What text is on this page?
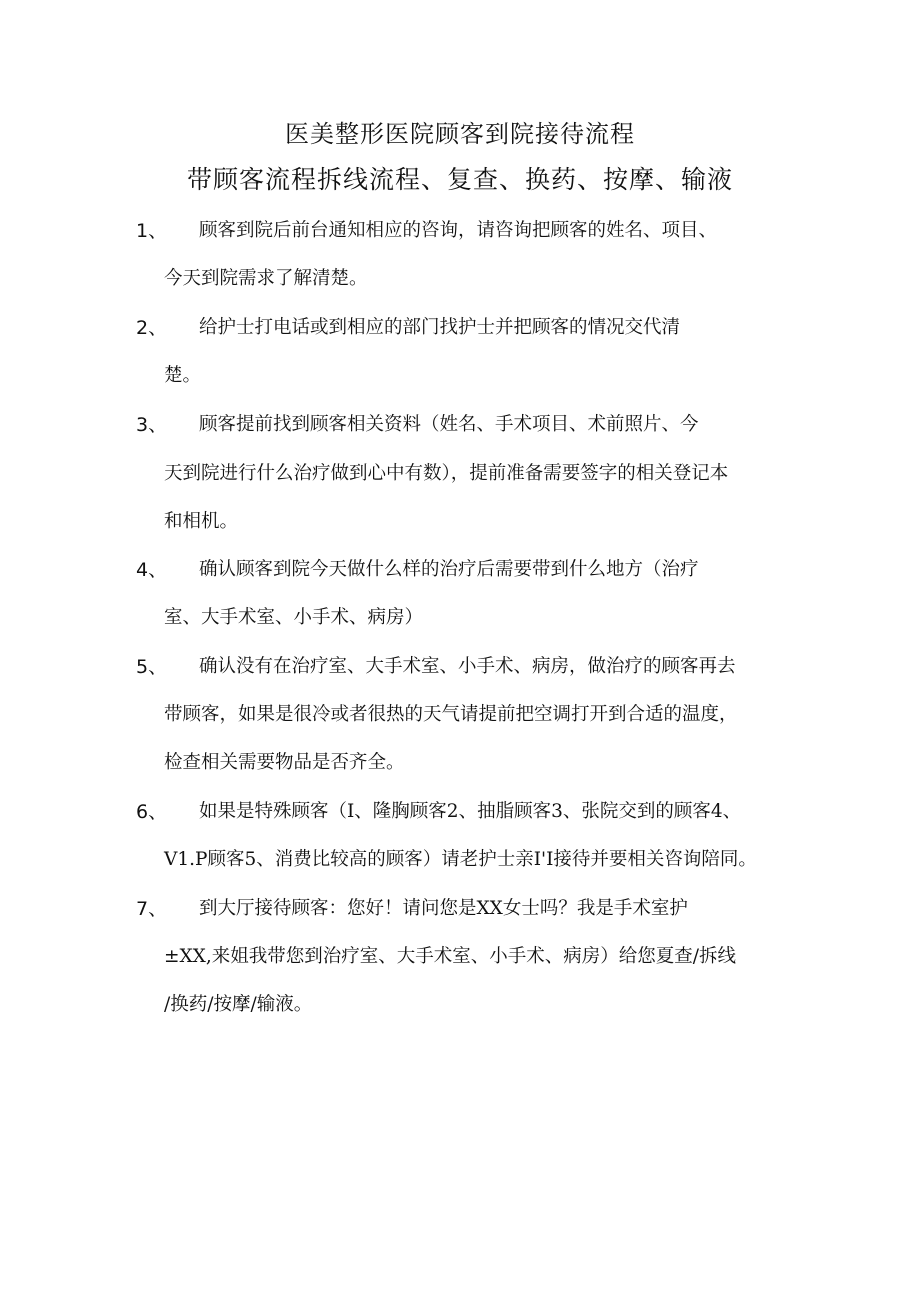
医美整形医院顾客到院接待流程
带顾客流程拆线流程、复查、换药、按摩、输液
1、 顾客到院后前台通知相应的咨询，请咨询把顾客的姓名、项目、
今天到院需求了解清楚。
2、 给护士打电话或到相应的部门找护士并把顾客的情况交代清
楚。
3、 顾客提前找到顾客相关资料（姓名、手术项目、术前照片、今
天到院进行什么治疗做到心中有数），提前准备需要签字的相关登记本
和相机。
4、 确认顾客到院今天做什么样的治疗后需要带到什么地方（治疗
室、大手术室、小手术、病房）
5、 确认没有在治疗室、大手术室、小手术、病房，做治疗的顾客再去
带顾客，如果是很冷或者很热的天气请提前把空调打开到合适的温度，
检查相关需要物品是否齐全。
6、 如果是特殊顾客（I、隆胸顾客2、抽脂顾客3、张院交到的顾客4、
V1.P顾客5、消费比较高的顾客）请老护士亲I'I接待并要相关咨询陪同。
7、 到大厅接待顾客：您好！请问您是XX女士吗？我是手术室护
±XX,来姐我带您到治疗室、大手术室、小手术、病房）给您夏查/拆线
/换药/按摩/输液。
